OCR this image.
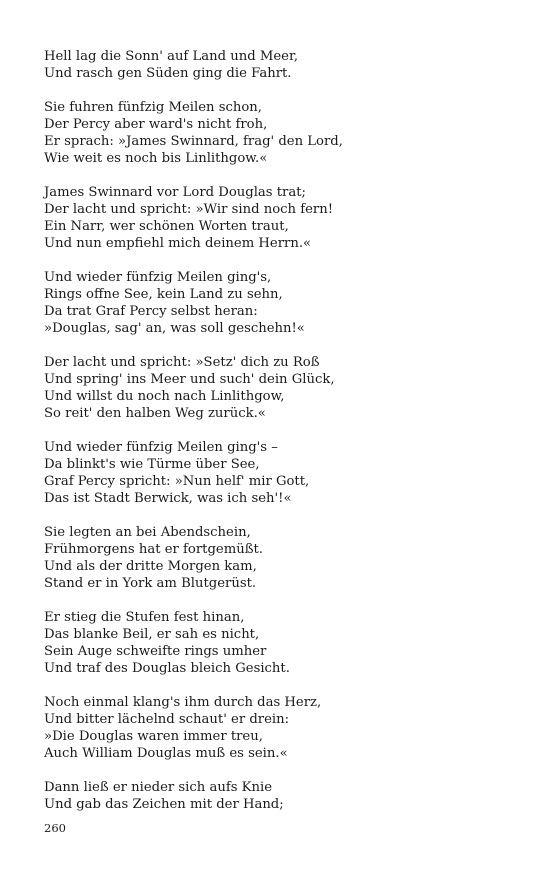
Hell lag die Sonn' auf Land und Meer,
Und rasch gen Süden ging die Fahrt.
Sie fuhren fünfzig Meilen schon,
Der Percy aber ward's nicht froh,
Er sprach: »James Swinnard, frag' den Lord,
Wie weit es noch bis Linlithgow.«
James Swinnard vor Lord Douglas trat;
Der lacht und spricht: »Wir sind noch fern!
Ein Narr, wer schönen Worten traut,
Und nun empfiehl mich deinem Herrn.«
Und wieder fünfzig Meilen ging's,
Rings offne See, kein Land zu sehn,
Da trat Graf Percy selbst heran:
»Douglas, sag' an, was soll geschehn!«
Der lacht und spricht: »Setz' dich zu Roß
Und spring' ins Meer und such' dein Glück,
Und willst du noch nach Linlithgow,
So reit' den halben Weg zurück.«
Und wieder fünfzig Meilen ging's –
Da blinkt's wie Türme über See,
Graf Percy spricht: »Nun helf' mir Gott,
Das ist Stadt Berwick, was ich seh'!«
Sie legten an bei Abendschein,
Frühmorgens hat er fortgemüßt.
Und als der dritte Morgen kam,
Stand er in York am Blutgerüst.
Er stieg die Stufen fest hinan,
Das blanke Beil, er sah es nicht,
Sein Auge schweifte rings umher
Und traf des Douglas bleich Gesicht.
Noch einmal klang's ihm durch das Herz,
Und bitter lächelnd schaut' er drein:
»Die Douglas waren immer treu,
Auch William Douglas muß es sein.«
Dann ließ er nieder sich aufs Knie
Und gab das Zeichen mit der Hand;
260
